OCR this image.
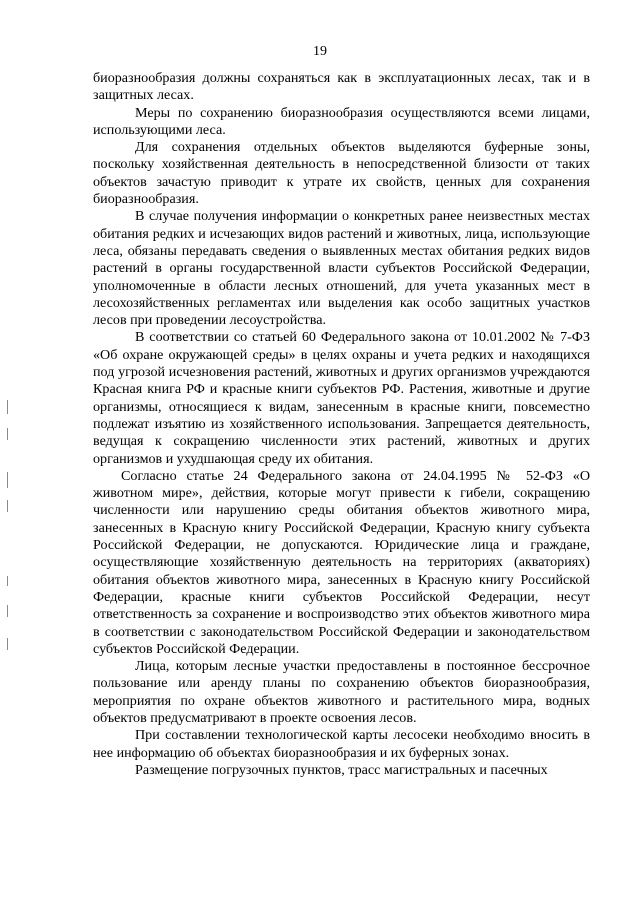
19

биоразнообразия должны сохраняться как в эксплуатационных лесах, так и в защитных лесах.

Меры по сохранению биоразнообразия осуществляются всеми лицами, использующими леса.

Для сохранения отдельных объектов выделяются буферные зоны, поскольку хозяйственная деятельность в непосредственной близости от таких объектов зачастую приводит к утрате их свойств, ценных для сохранения биоразнообразия.

В случае получения информации о конкретных ранее неизвестных местах обитания редких и исчезающих видов растений и животных, лица, использующие леса, обязаны передавать сведения о выявленных местах обитания редких видов растений в органы государственной власти субъектов Российской Федерации, уполномоченные в области лесных отношений, для учета указанных мест в лесохозяйственных регламентах или выделения как особо защитных участков лесов при проведении лесоустройства.

В соответствии со статьей 60 Федерального закона от 10.01.2002 № 7-ФЗ «Об охране окружающей среды» в целях охраны и учета редких и находящихся под угрозой исчезновения растений, животных и других организмов учреждаются Красная книга РФ и красные книги субъектов РФ. Растения, животные и другие организмы, относящиеся к видам, занесенным в красные книги, повсеместно подлежат изъятию из хозяйственного использования. Запрещается деятельность, ведущая к сокращению численности этих растений, животных и других организмов и ухудшающая среду их обитания.

Согласно статье 24 Федерального закона от 24.04.1995 № 52-ФЗ «О животном мире», действия, которые могут привести к гибели, сокращению численности или нарушению среды обитания объектов животного мира, занесенных в Красную книгу Российской Федерации, Красную книгу субъекта Российской Федерации, не допускаются. Юридические лица и граждане, осуществляющие хозяйственную деятельность на территориях (акваториях) обитания объектов животного мира, занесенных в Красную книгу Российской Федерации, красные книги субъектов Российской Федерации, несут ответственность за сохранение и воспроизводство этих объектов животного мира в соответствии с законодательством Российской Федерации и законодательством субъектов Российской Федерации.

Лица, которым лесные участки предоставлены в постоянное бессрочное пользование или аренду планы по сохранению объектов биоразнообразия, мероприятия по охране объектов животного и растительного мира, водных объектов предусматривают в проекте освоения лесов.

При составлении технологической карты лесосеки необходимо вносить в нее информацию об объектах биоразнообразия и их буферных зонах.

Размещение погрузочных пунктов, трасс магистральных и пасечных
